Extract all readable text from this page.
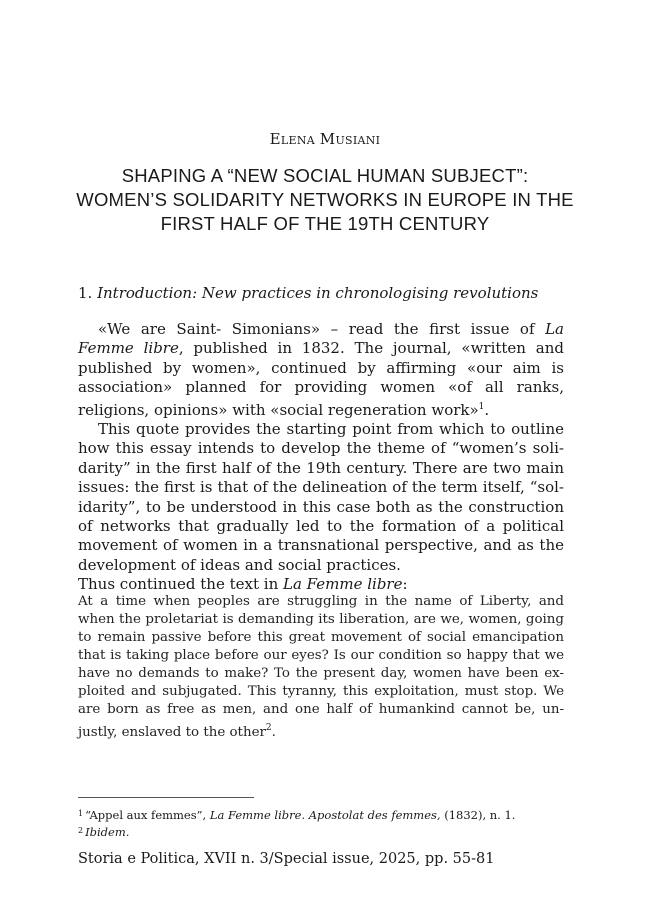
Elena Musiani
SHAPING A “NEW SOCIAL HUMAN SUBJECT”:
WOMEN’S SOLIDARITY NETWORKS IN EUROPE IN THE
FIRST HALF OF THE 19TH CENTURY
1. Introduction: New practices in chronologising revolutions

«We are Saint- Simonians» – read the first issue of La Femme libre, published in 1832. The journal, «written and published by women», continued by affirming «our aim is association» planned for providing women «of all ranks, religions, opinions» with «social regeneration work»$^1$.

This quote provides the starting point from which to outline how this essay intends to develop the theme of “women’s soli-darity” in the first half of the 19th century. There are two main issues: the first is that of the delineation of the term itself, “sol-idarity”, to be understood in this case both as the construction of networks that gradually led to the formation of a political movement of women in a transnational perspective, and as the development of ideas and social practices.

Thus continued the text in La Femme libre:

At a time when peoples are struggling in the name of Liberty, and when the proletariat is demanding its liberation, are we, women, going to remain passive before this great movement of social emancipation that is taking place before our eyes? Is our condition so happy that we have no demands to make? To the present day, women have been ex-ploited and subjugated. This tyranny, this exploitation, must stop. We are born as free as men, and one half of humankind cannot be, un-justly, enslaved to the other$^2$.
$^1$ “Appel aux femmes”, La Femme libre. Apostolat des femmes, (1832), n. 1.
$^2$ Ibidem.
Storia e Politica, XVII n. 3/Special issue, 2025, pp. 55-81
